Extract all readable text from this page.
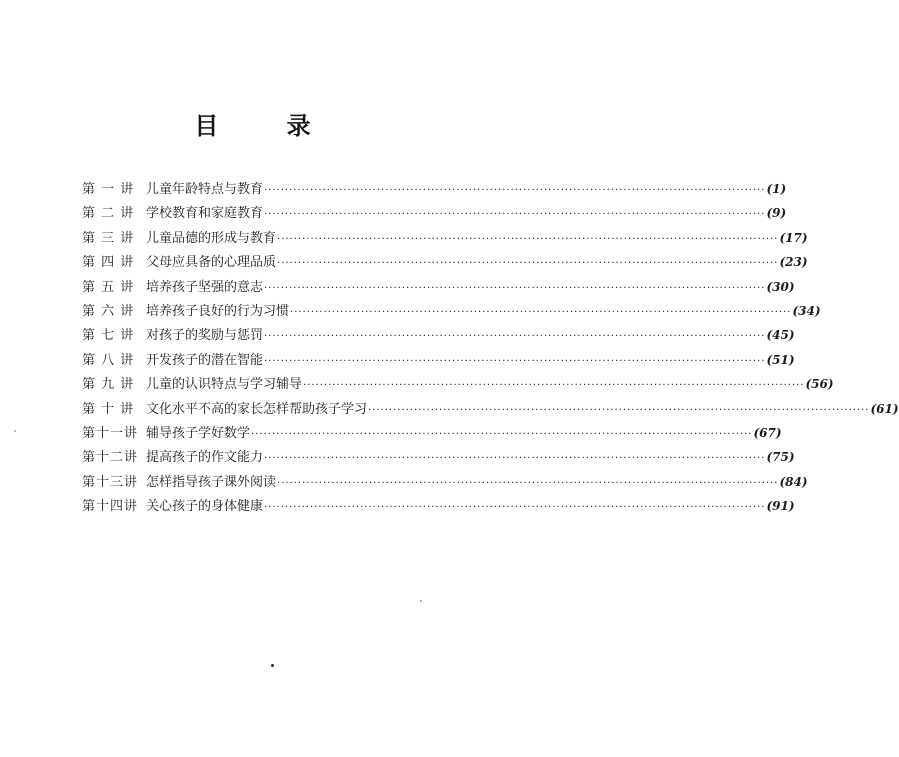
目 录
第 一 讲 儿童年龄特点与教育 ························································································································ (1)
第 二 讲 学校教育和家庭教育 ························································································································ (9)
第 三 讲 儿童品德的形成与教育 ························································································································ (17)
第 四 讲 父母应具备的心理品质 ························································································································ (23)
第 五 讲 培养孩子坚强的意志 ························································································································ (30)
第 六 讲 培养孩子良好的行为习惯 ························································································································ (34)
第 七 讲 对孩子的奖励与惩罚 ························································································································ (45)
第 八 讲 开发孩子的潜在智能 ························································································································ (51)
第 九 讲 儿童的认识特点与学习辅导 ························································································································ (56)
第 十 讲 文化水平不高的家长怎样帮助孩子学习 ························································································································ (61)
第十一讲 辅导孩子学好数学 ························································································································ (67)
第十二讲 提高孩子的作文能力 ························································································································ (75)
第十三讲 怎样指导孩子课外阅读 ························································································································ (84)
第十四讲 关心孩子的身体健康 ························································································································ (91)
